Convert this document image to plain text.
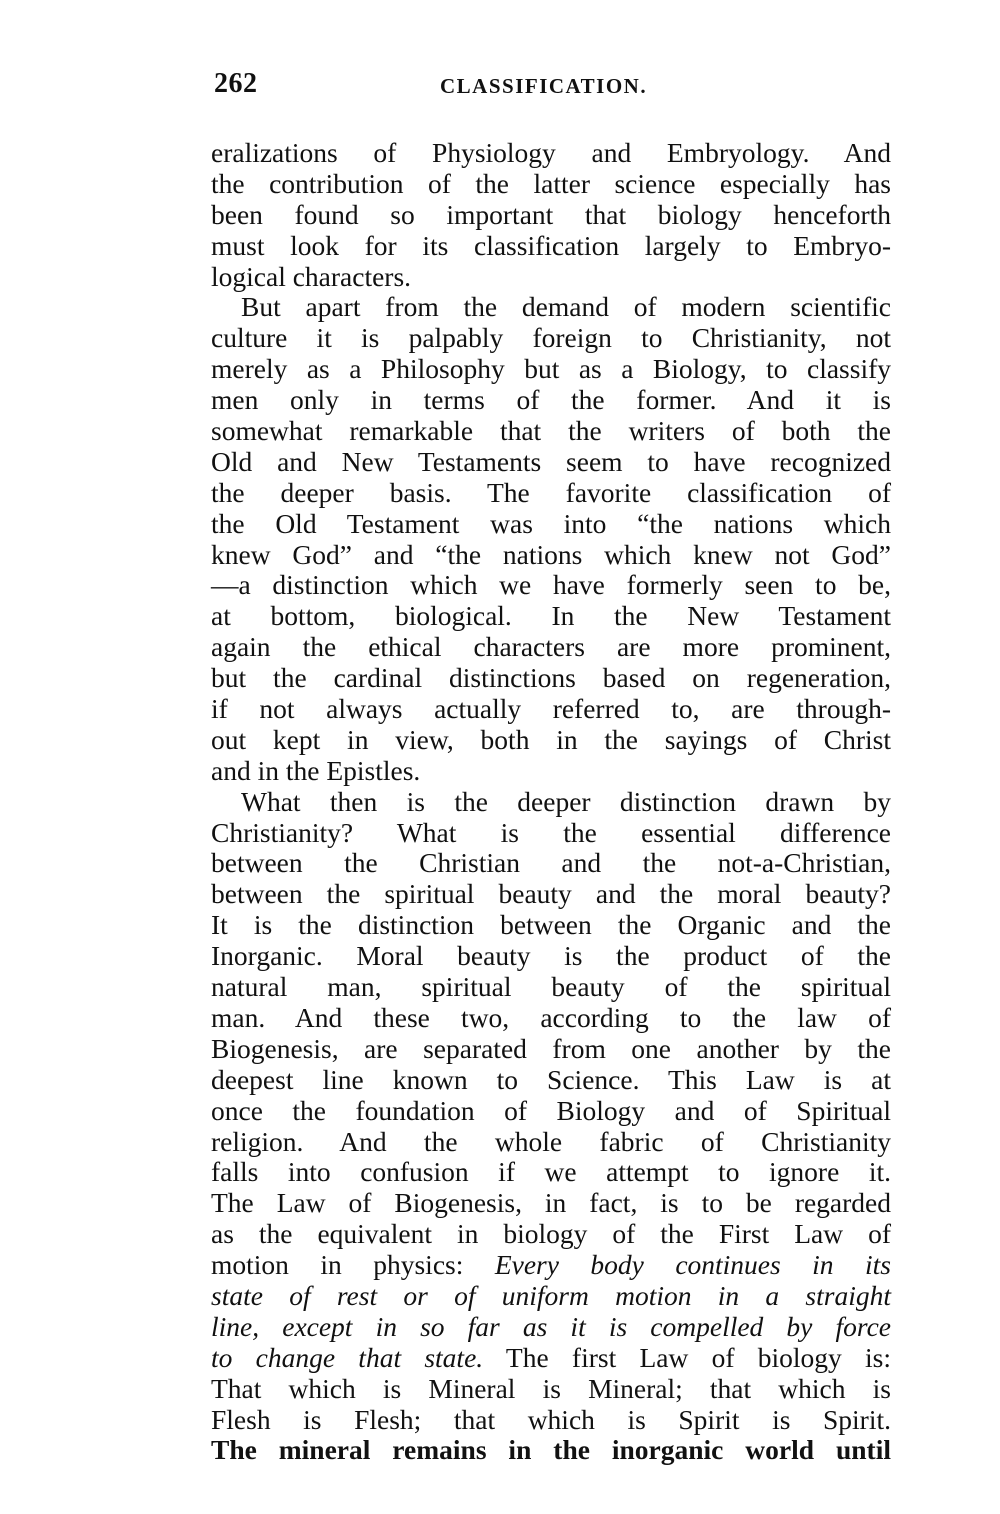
262	CLASSIFICATION.
eralizations of Physiology and Embryology. And
the contribution of the latter science especially has
been found so important that biology henceforth
must look for its classification largely to Embryo-
logical characters.
But apart from the demand of modern scientific
culture it is palpably foreign to Christianity, not
merely as a Philosophy but as a Biology, to classify
men only in terms of the former. And it is
somewhat remarkable that the writers of both the
Old and New Testaments seem to have recognized
the deeper basis. The favorite classification of
the Old Testament was into “the nations which
knew God” and “the nations which knew not God”
—a distinction which we have formerly seen to be,
at bottom, biological. In the New Testament
again the ethical characters are more prominent,
but the cardinal distinctions based on regeneration,
if not always actually referred to, are through-
out kept in view, both in the sayings of Christ
and in the Epistles.
What then is the deeper distinction drawn by
Christianity? What is the essential difference
between the Christian and the not-a-Christian,
between the spiritual beauty and the moral beauty?
It is the distinction between the Organic and the
Inorganic. Moral beauty is the product of the
natural man, spiritual beauty of the spiritual
man. And these two, according to the law of
Biogenesis, are separated from one another by the
deepest line known to Science. This Law is at
once the foundation of Biology and of Spiritual
religion. And the whole fabric of Christianity
falls into confusion if we attempt to ignore it.
The Law of Biogenesis, in fact, is to be regarded
as the equivalent in biology of the First Law of
motion in physics: Every body continues in its
state of rest or of uniform motion in a straight
line, except in so far as it is compelled by force
to change that state. The first Law of biology is:
That which is Mineral is Mineral; that which is
Flesh is Flesh; that which is Spirit is Spirit.
The mineral remains in the inorganic world until
